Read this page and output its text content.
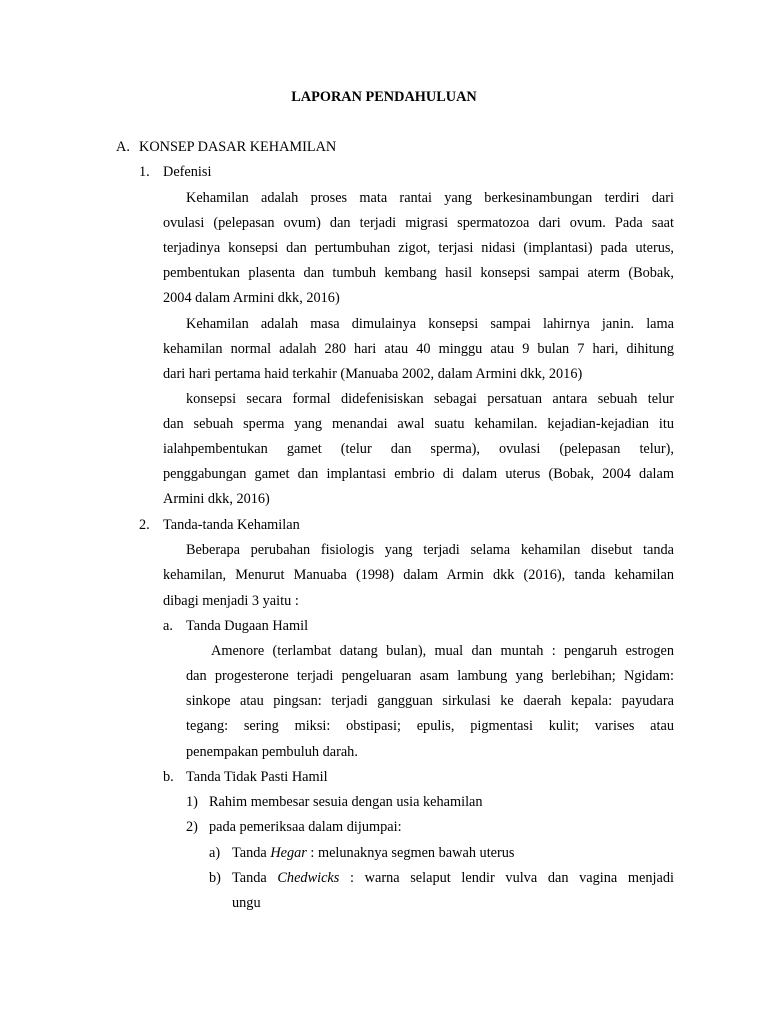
LAPORAN PENDAHULUAN
A. KONSEP DASAR KEHAMILAN
1. Defenisi
Kehamilan adalah proses mata rantai yang berkesinambungan terdiri dari
ovulasi (pelepasan ovum) dan terjadi migrasi spermatozoa dari ovum. Pada saat
terjadinya konsepsi dan pertumbuhan zigot, terjasi nidasi (implantasi) pada uterus,
pembentukan plasenta dan tumbuh kembang hasil konsepsi sampai aterm (Bobak,
2004 dalam Armini dkk, 2016)
Kehamilan adalah masa dimulainya konsepsi sampai lahirnya janin. lama
kehamilan normal adalah 280 hari atau 40 minggu atau 9 bulan 7 hari, dihitung
dari hari pertama haid terkahir (Manuaba 2002, dalam Armini dkk, 2016)
konsepsi secara formal didefenisiskan sebagai persatuan antara sebuah telur
dan sebuah sperma yang menandai awal suatu kehamilan. kejadian-kejadian itu
ialahpembentukan gamet (telur dan sperma), ovulasi (pelepasan telur),
penggabungan gamet dan implantasi embrio di dalam uterus (Bobak, 2004 dalam
Armini dkk, 2016)
2. Tanda-tanda Kehamilan
Beberapa perubahan fisiologis yang terjadi selama kehamilan disebut tanda
kehamilan, Menurut Manuaba (1998) dalam Armin dkk (2016), tanda kehamilan
dibagi menjadi 3 yaitu :
a. Tanda Dugaan Hamil
Amenore (terlambat datang bulan), mual dan muntah : pengaruh estrogen
dan progesterone terjadi pengeluaran asam lambung yang berlebihan; Ngidam:
sinkope atau pingsan: terjadi gangguan sirkulasi ke daerah kepala: payudara
tegang: sering miksi: obstipasi; epulis, pigmentasi kulit; varises atau
penempakan pembuluh darah.
b. Tanda Tidak Pasti Hamil
1) Rahim membesar sesuia dengan usia kehamilan
2) pada pemeriksaa dalam dijumpai:
a) Tanda Hegar : melunaknya segmen bawah uterus
b) Tanda Chedwicks : warna selaput lendir vulva dan vagina menjadi
ungu
